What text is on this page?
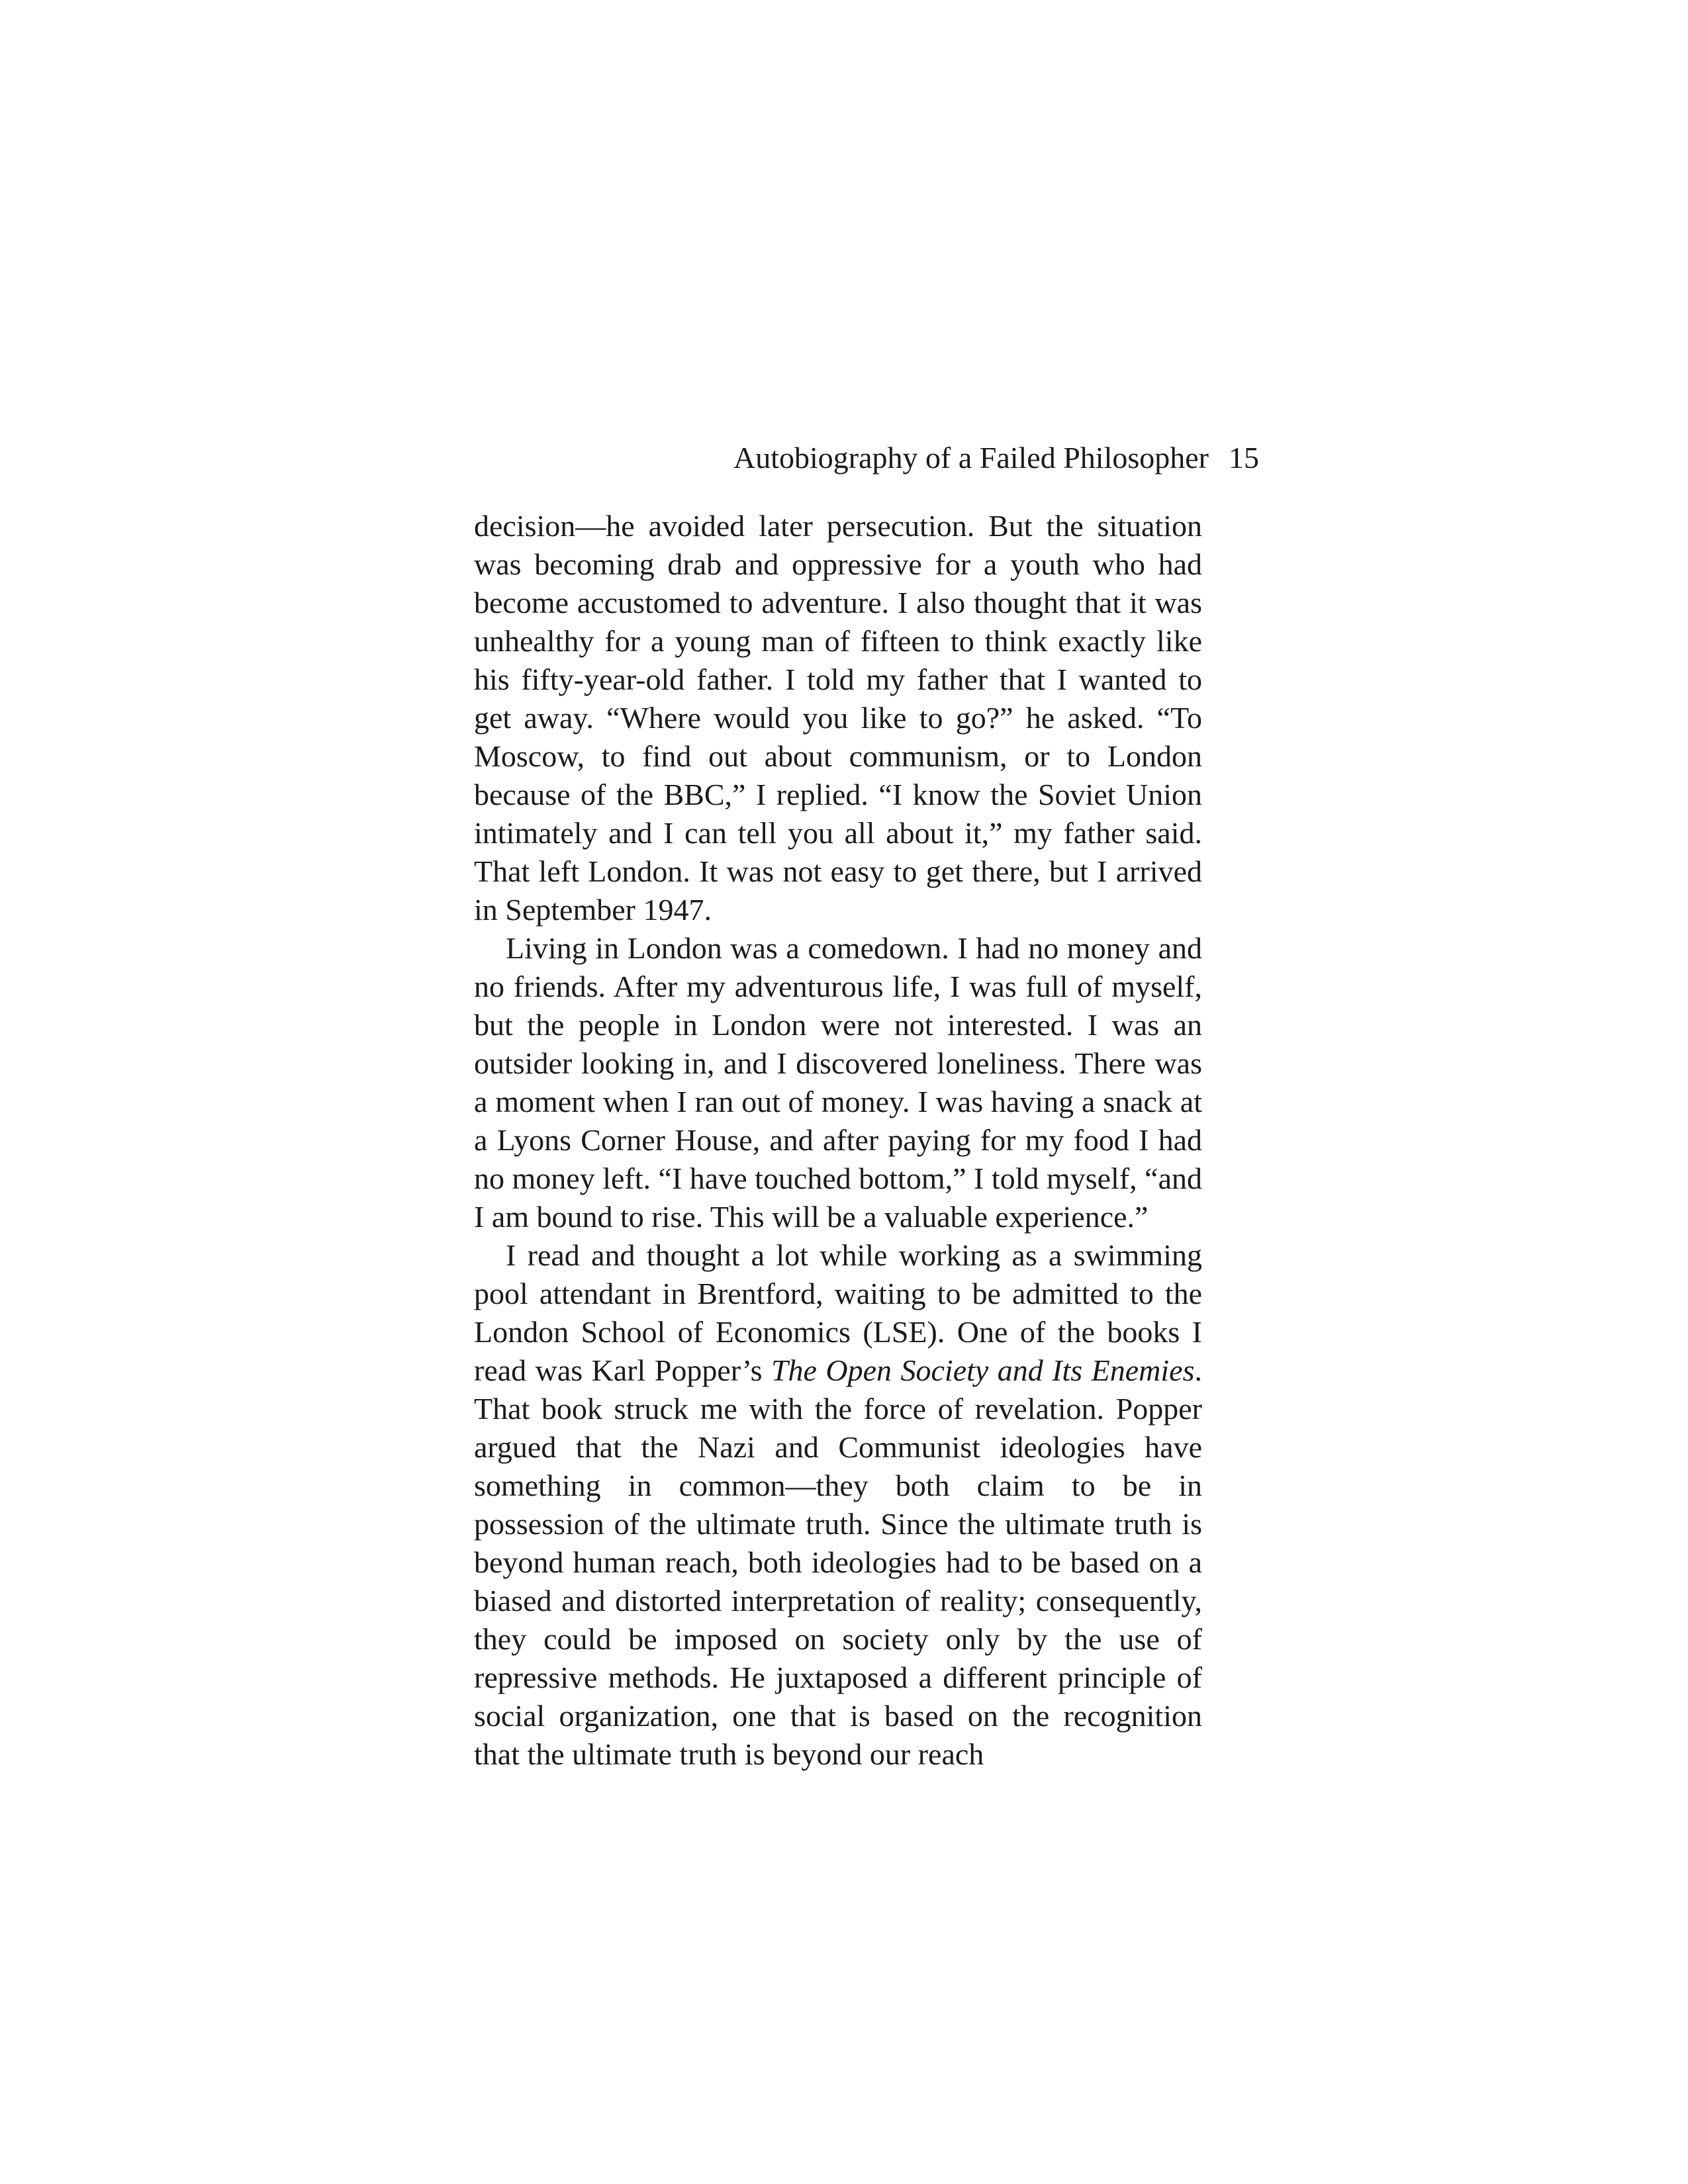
Autobiography of a Failed Philosopher 15

decision—he avoided later persecution. But the situation was becoming drab and oppressive for a youth who had become accustomed to adventure. I also thought that it was unhealthy for a young man of fifteen to think exactly like his fifty-year-old father. I told my father that I wanted to get away. “Where would you like to go?” he asked. “To Moscow, to find out about communism, or to London because of the BBC,” I replied. “I know the Soviet Union intimately and I can tell you all about it,” my father said. That left London. It was not easy to get there, but I arrived in September 1947.

Living in London was a comedown. I had no money and no friends. After my adventurous life, I was full of myself, but the people in London were not interested. I was an outsider looking in, and I discovered loneliness. There was a moment when I ran out of money. I was having a snack at a Lyons Corner House, and after paying for my food I had no money left. “I have touched bottom,” I told myself, “and I am bound to rise. This will be a valuable experience.”

I read and thought a lot while working as a swimming pool attendant in Brentford, waiting to be admitted to the London School of Economics (LSE). One of the books I read was Karl Popper’s The Open Society and Its Enemies. That book struck me with the force of revelation. Popper argued that the Nazi and Communist ideologies have something in common—they both claim to be in possession of the ultimate truth. Since the ultimate truth is beyond human reach, both ideologies had to be based on a biased and distorted interpretation of reality; consequently, they could be imposed on society only by the use of repressive methods. He juxtaposed a different principle of social organization, one that is based on the recognition that the ultimate truth is beyond our reach
